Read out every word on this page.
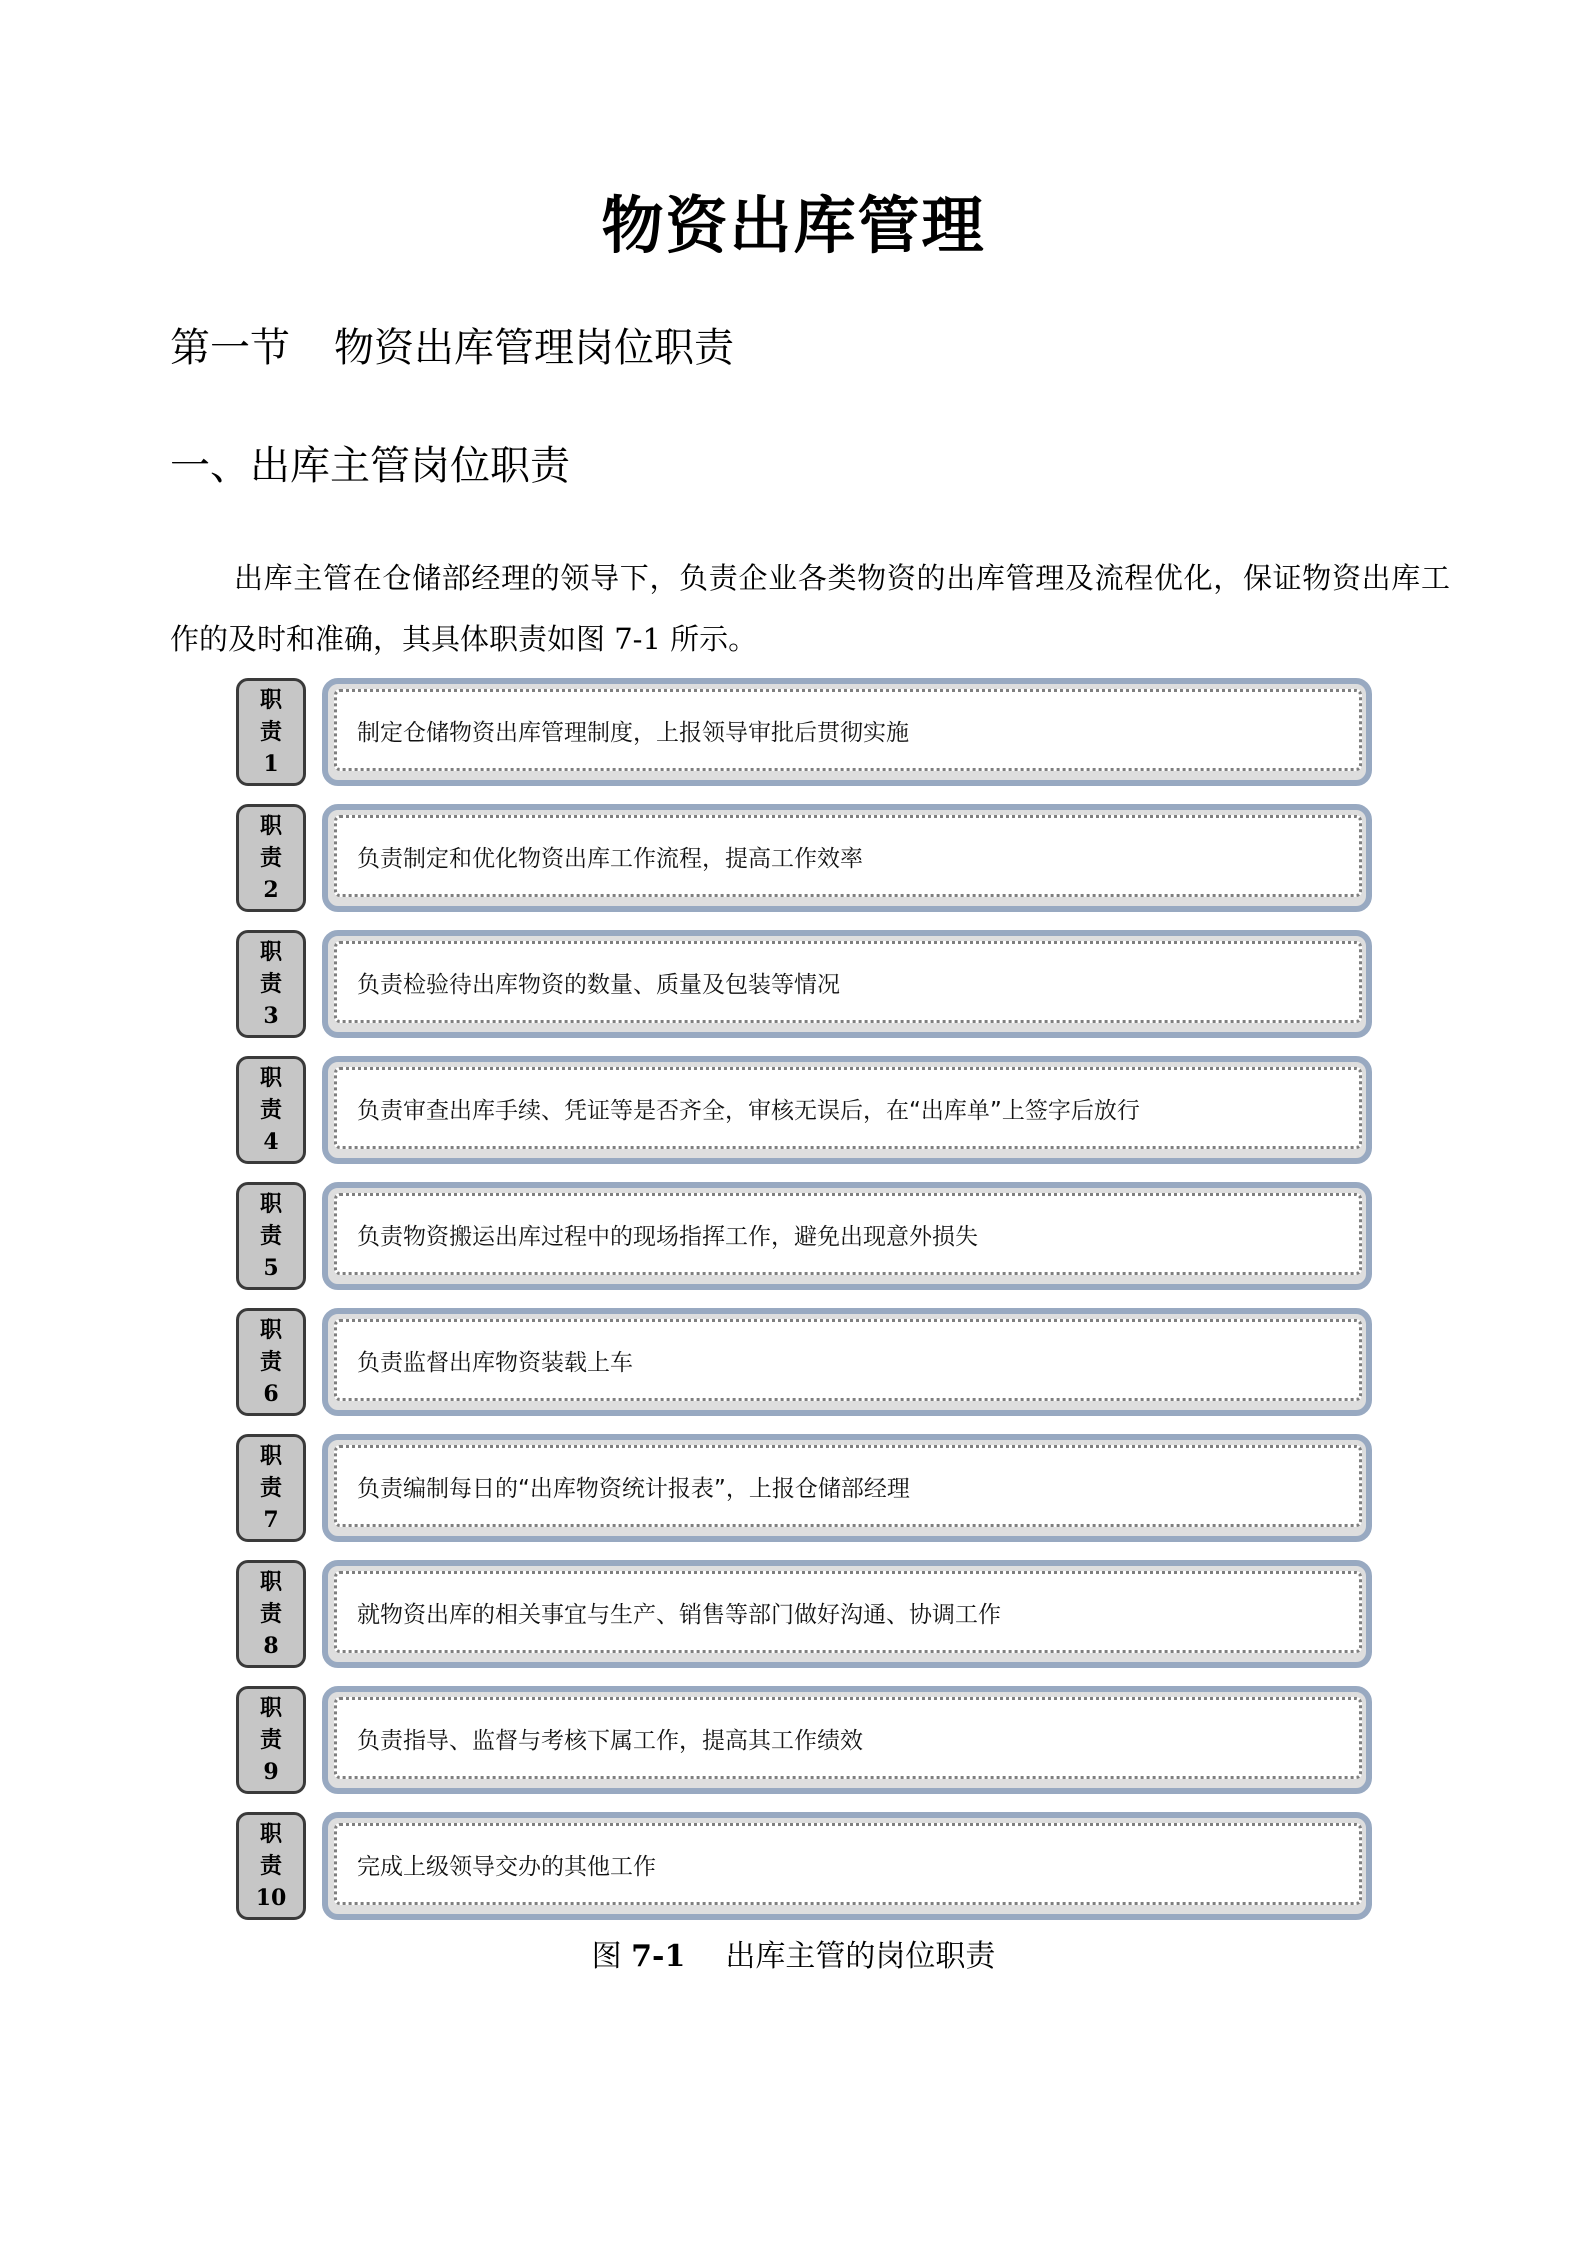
物资出库管理
第一节 物资出库管理岗位职责
一、出库主管岗位职责
出库主管在仓储部经理的领导下，负责企业各类物资的出库管理及流程优化，保证物资出库工作的及时和准确，其具体职责如图 7-1 所示。
职
责
1
制定仓储物资出库管理制度，上报领导审批后贯彻实施
职
责
2
负责制定和优化物资出库工作流程，提高工作效率
职
责
3
负责检验待出库物资的数量、质量及包装等情况
职
责
4
负责审查出库手续、凭证等是否齐全，审核无误后，在“出库单”上签字后放行
职
责
5
负责物资搬运出库过程中的现场指挥工作，避免出现意外损失
职
责
6
负责监督出库物资装载上车
职
责
7
负责编制每日的“出库物资统计报表”，上报仓储部经理
职
责
8
就物资出库的相关事宜与生产、销售等部门做好沟通、协调工作
职
责
9
负责指导、监督与考核下属工作，提高其工作绩效
职
责
10
完成上级领导交办的其他工作
图 7-1 出库主管的岗位职责
